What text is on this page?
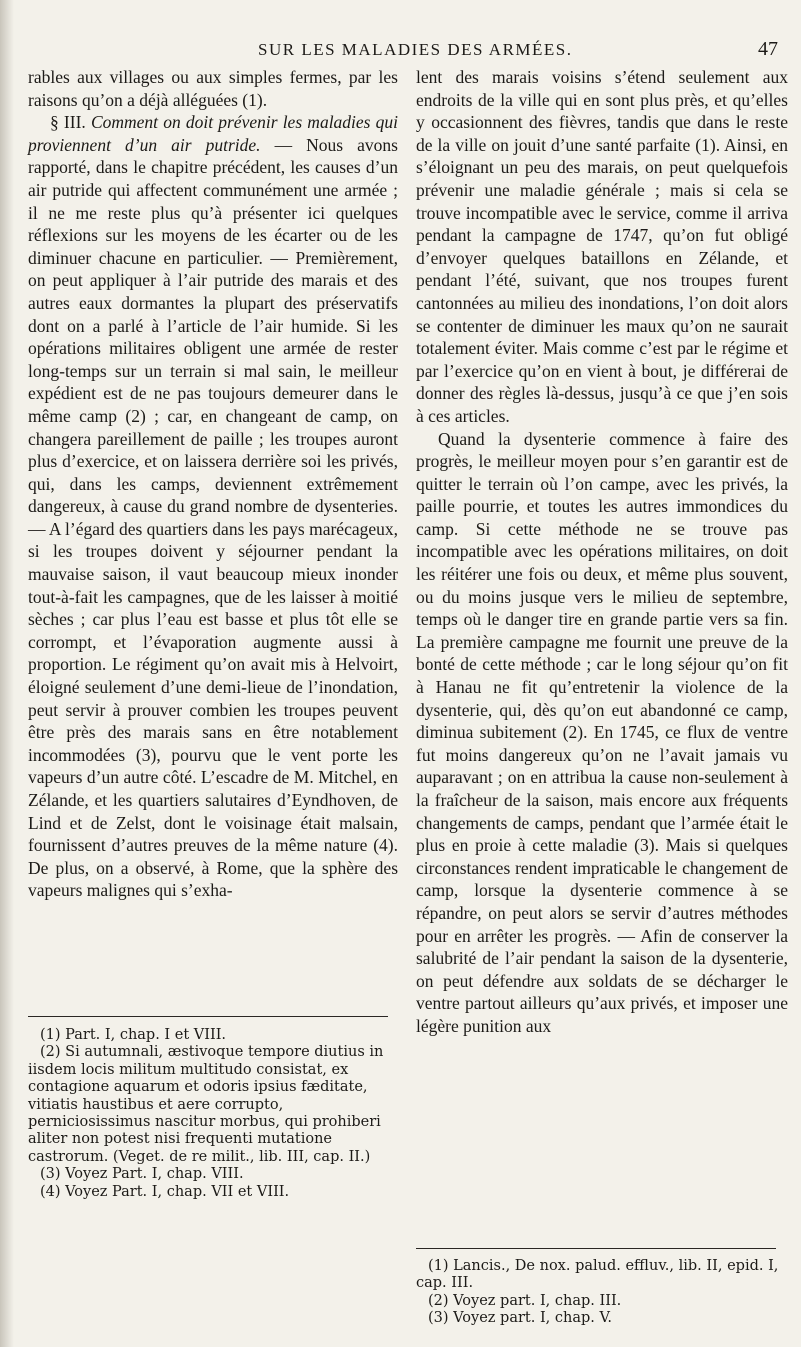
SUR LES MALADIES DES ARMÉES.	47

rables aux villages ou aux simples fermes, par les raisons qu’on a déjà alléguées (1).

§ III. Comment on doit prévenir les maladies qui proviennent d’un air putride. — Nous avons rapporté, dans le chapitre précédent, les causes d’un air putride qui affectent communément une armée ; il ne me reste plus qu’à présenter ici quelques réflexions sur les moyens de les écarter ou de les diminuer chacune en particulier. — Premièrement, on peut appliquer à l’air putride des marais et des autres eaux dormantes la plupart des préservatifs dont on a parlé à l’article de l’air humide. Si les opérations militaires obligent une armée de rester long-temps sur un terrain si mal sain, le meilleur expédient est de ne pas toujours demeurer dans le même camp (2) ; car, en changeant de camp, on changera pareillement de paille ; les troupes auront plus d’exercice, et on laissera derrière soi les privés, qui, dans les camps, deviennent extrêmement dangereux, à cause du grand nombre de dysenteries. — A l’égard des quartiers dans les pays marécageux, si les troupes doivent y séjourner pendant la mauvaise saison, il vaut beaucoup mieux inonder tout-à-fait les campagnes, que de les laisser à moitié sèches ; car plus l’eau est basse et plus tôt elle se corrompt, et l’évaporation augmente aussi à proportion. Le régiment qu’on avait mis à Helvoirt, éloigné seulement d’une demi-lieue de l’inondation, peut servir à prouver combien les troupes peuvent être près des marais sans en être notablement incommodées (3), pourvu que le vent porte les vapeurs d’un autre côté. L’escadre de M. Mitchel, en Zélande, et les quartiers salutaires d’Eyndhoven, de Lind et de Zelst, dont le voisinage était malsain, fournissent d’autres preuves de la même nature (4). De plus, on a observé, à Rome, que la sphère des vapeurs malignes qui s’exha-

(1) Part. I, chap. I et VIII.

(2) Si autumnali, æstivoque tempore diutius in iisdem locis militum multitudo consistat, ex contagione aquarum et odoris ipsius fæditate, vitiatis haustibus et aere corrupto, perniciosissimus nascitur morbus, qui prohiberi aliter non potest nisi frequenti mutatione castrorum. (Veget. de re milit., lib. III, cap. II.)

(3) Voyez Part. I, chap. VIII.

(4) Voyez Part. I, chap. VII et VIII.

lent des marais voisins s’étend seulement aux endroits de la ville qui en sont plus près, et qu’elles y occasionnent des fièvres, tandis que dans le reste de la ville on jouit d’une santé parfaite (1). Ainsi, en s’éloignant un peu des marais, on peut quelquefois prévenir une maladie générale ; mais si cela se trouve incompatible avec le service, comme il arriva pendant la campagne de 1747, qu’on fut obligé d’envoyer quelques bataillons en Zélande, et pendant l’été, suivant, que nos troupes furent cantonnées au milieu des inondations, l’on doit alors se contenter de diminuer les maux qu’on ne saurait totalement éviter. Mais comme c’est par le régime et par l’exercice qu’on en vient à bout, je différerai de donner des règles là-dessus, jusqu’à ce que j’en sois à ces articles.

Quand la dysenterie commence à faire des progrès, le meilleur moyen pour s’en garantir est de quitter le terrain où l’on campe, avec les privés, la paille pourrie, et toutes les autres immondices du camp. Si cette méthode ne se trouve pas incompatible avec les opérations militaires, on doit les réitérer une fois ou deux, et même plus souvent, ou du moins jusque vers le milieu de septembre, temps où le danger tire en grande partie vers sa fin. La première campagne me fournit une preuve de la bonté de cette méthode ; car le long séjour qu’on fit à Hanau ne fit qu’entretenir la violence de la dysenterie, qui, dès qu’on eut abandonné ce camp, diminua subitement (2). En 1745, ce flux de ventre fut moins dangereux qu’on ne l’avait jamais vu auparavant ; on en attribua la cause non-seulement à la fraîcheur de la saison, mais encore aux fréquents changements de camps, pendant que l’armée était le plus en proie à cette maladie (3). Mais si quelques circonstances rendent impraticable le changement de camp, lorsque la dysenterie commence à se répandre, on peut alors se servir d’autres méthodes pour en arrêter les progrès. — Afin de conserver la salubrité de l’air pendant la saison de la dysenterie, on peut défendre aux soldats de se décharger le ventre partout ailleurs qu’aux privés, et imposer une légère punition aux

(1) Lancis., De nox. palud. effluv., lib. II, epid. I, cap. III.

(2) Voyez part. I, chap. III.

(3) Voyez part. I, chap. V.
